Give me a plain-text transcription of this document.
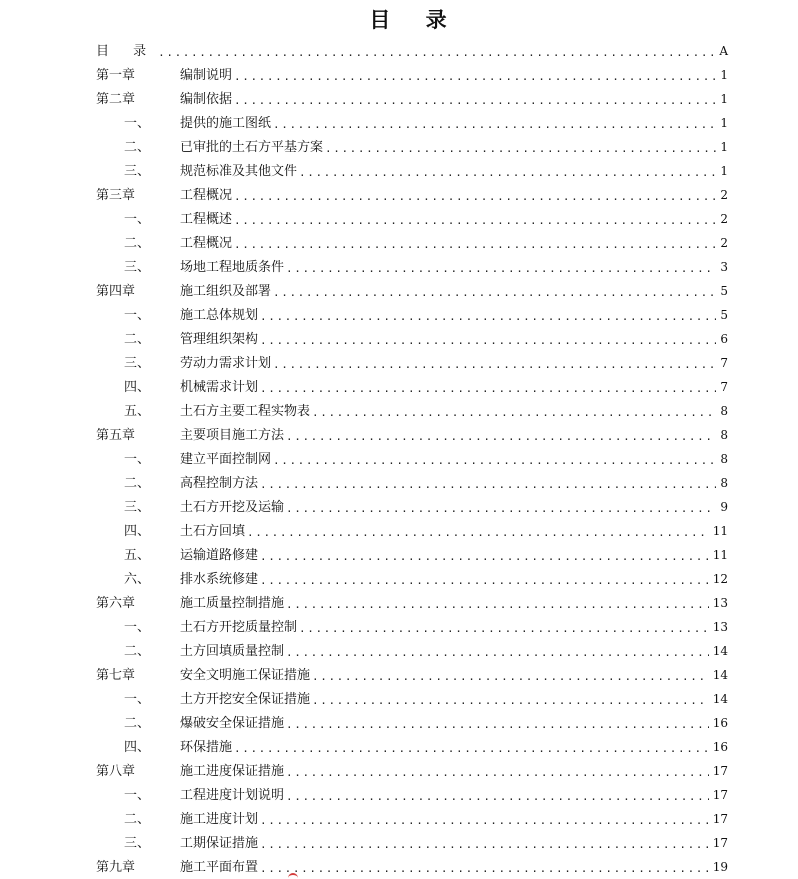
目 录
目 录 .....	A
第一章	编制说明 .....	1
第二章	编制依据 .....	1
一、	提供的施工图纸 .....	1
二、	已审批的土石方平基方案 .....	1
三、	规范标准及其他文件 .....	1
第三章	工程概况 .....	2
一、	工程概述 .....	2
二、	工程概况 .....	2
三、	场地工程地质条件 .....	3
第四章	施工组织及部署 .....	5
一、	施工总体规划 .....	5
二、	管理组织架构 .....	6
三、	劳动力需求计划 .....	7
四、	机械需求计划 .....	7
五、	土石方主要工程实物表 .....	8
第五章	主要项目施工方法 .....	8
一、	建立平面控制网 .....	8
二、	高程控制方法 .....	8
三、	土石方开挖及运输 .....	9
四、	土石方回填 .....	11
五、	运输道路修建 .....	11
六、	排水系统修建 .....	12
第六章	施工质量控制措施 .....	13
一、	土石方开挖质量控制 .....	13
二、	土方回填质量控制 .....	14
第七章	安全文明施工保证措施 .....	14
一、	土方开挖安全保证措施 .....	14
二、	爆破安全保证措施 .....	16
四、	环保措施 .....	16
第八章	施工进度保证措施 .....	17
一、	工程进度计划说明 .....	17
二、	施工进度计划 .....	17
三、	工期保证措施 .....	17
第九章	施工平面布置 .....	19
